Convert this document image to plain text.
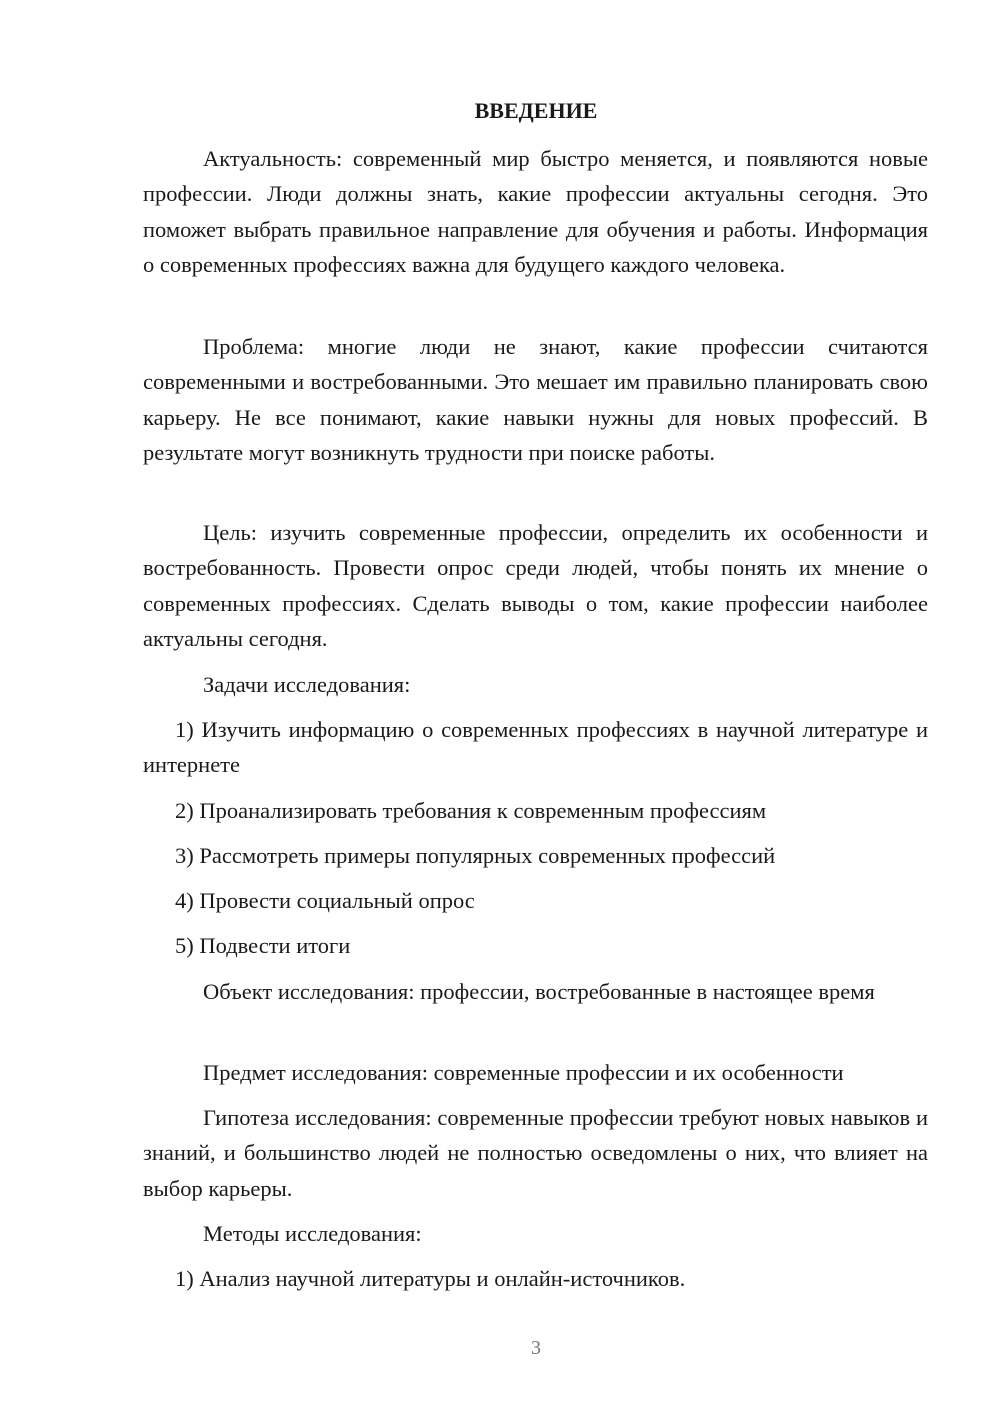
ВВЕДЕНИЕ

Актуальность: современный мир быстро меняется, и появляются новые профессии. Люди должны знать, какие профессии актуальны сегодня. Это поможет выбрать правильное направление для обучения и работы. Информация о современных профессиях важна для будущего каждого человека.

Проблема: многие люди не знают, какие профессии считаются современными и востребованными. Это мешает им правильно планировать свою карьеру. Не все понимают, какие навыки нужны для новых профессий. В результате могут возникнуть трудности при поиске работы.

Цель: изучить современные профессии, определить их особенности и востребованность. Провести опрос среди людей, чтобы понять их мнение о современных профессиях. Сделать выводы о том, какие профессии наиболее актуальны сегодня.

Задачи исследования:

1) Изучить информацию о современных профессиях в научной литературе и интернете

2) Проанализировать требования к современным профессиям
3) Рассмотреть примеры популярных современных профессий
4) Провести социальный опрос
5) Подвести итоги

Объект исследования: профессии, востребованные в настоящее время

Предмет исследования: современные профессии и их особенности

Гипотеза исследования: современные профессии требуют новых навыков и знаний, и большинство людей не полностью осведомлены о них, что влияет на выбор карьеры.

Методы исследования:
1) Анализ научной литературы и онлайн-источников.
3
